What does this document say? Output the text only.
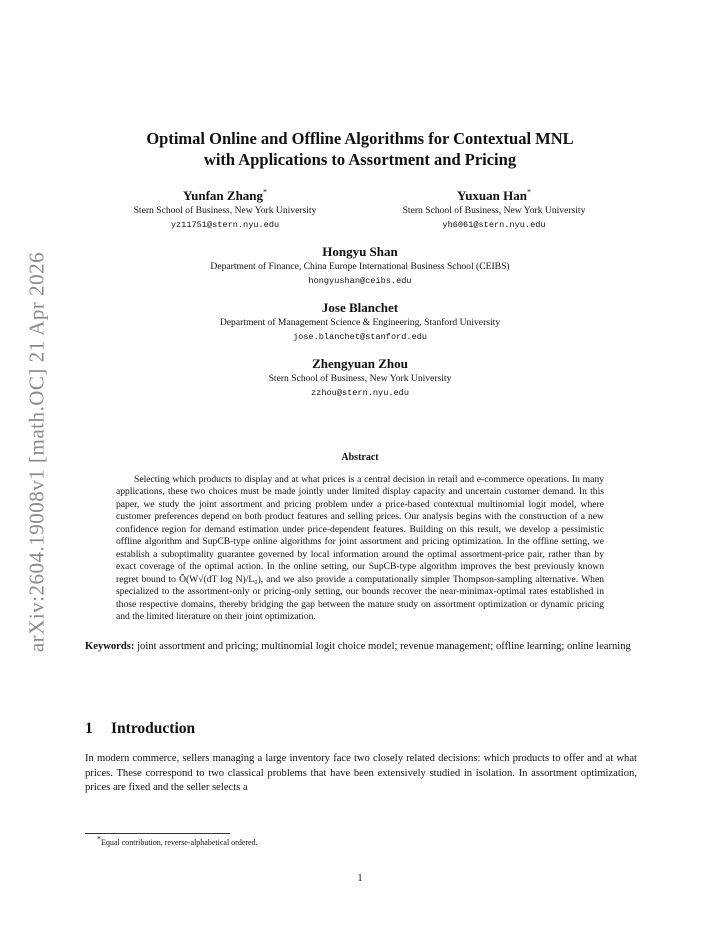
arXiv:2604.19008v1 [math.OC] 21 Apr 2026
Optimal Online and Offline Algorithms for Contextual MNL
with Applications to Assortment and Pricing
Yunfan Zhang*
Stern School of Business, New York University
yz11751@stern.nyu.edu
Yuxuan Han*
Stern School of Business, New York University
yh6061@stern.nyu.edu
Hongyu Shan
Department of Finance, China Europe International Business School (CEIBS)
hongyushan@ceibs.edu
Jose Blanchet
Department of Management Science & Engineering, Stanford University
jose.blanchet@stanford.edu
Zhengyuan Zhou
Stern School of Business, New York University
zzhou@stern.nyu.edu
Abstract

Selecting which products to display and at what prices is a central decision in retail and e-commerce operations. In many applications, these two choices must be made jointly under limited display capacity and uncertain customer demand. In this paper, we study the joint assortment and pricing problem under a price-based contextual multinomial logit model, where customer preferences depend on both product features and selling prices. Our analysis begins with the construction of a new confidence region for demand estimation under price-dependent features. Building on this result, we develop a pessimistic offline algorithm and SupCB-type online algorithms for joint assortment and pricing optimization. In the offline setting, we establish a suboptimality guarantee governed by local information around the optimal assortment-price pair, rather than by exact coverage of the optimal action. In the online setting, our SupCB-type algorithm improves the best previously known regret bound to Õ(W√(dT log N)/L₀), and we also provide a computationally simpler Thompson-sampling alternative. When specialized to the assortment-only or pricing-only setting, our bounds recover the near-minimax-optimal rates established in those respective domains, thereby bridging the gap between the mature study on assortment optimization or dynamic pricing and the limited literature on their joint optimization.

Keywords: joint assortment and pricing; multinomial logit choice model; revenue management; offline learning; online learning

1 Introduction

In modern commerce, sellers managing a large inventory face two closely related decisions: which products to offer and at what prices. These correspond to two classical problems that have been extensively studied in isolation. In assortment optimization, prices are fixed and the seller selects a

*Equal contribution, reverse-alphabetical ordered.
1
